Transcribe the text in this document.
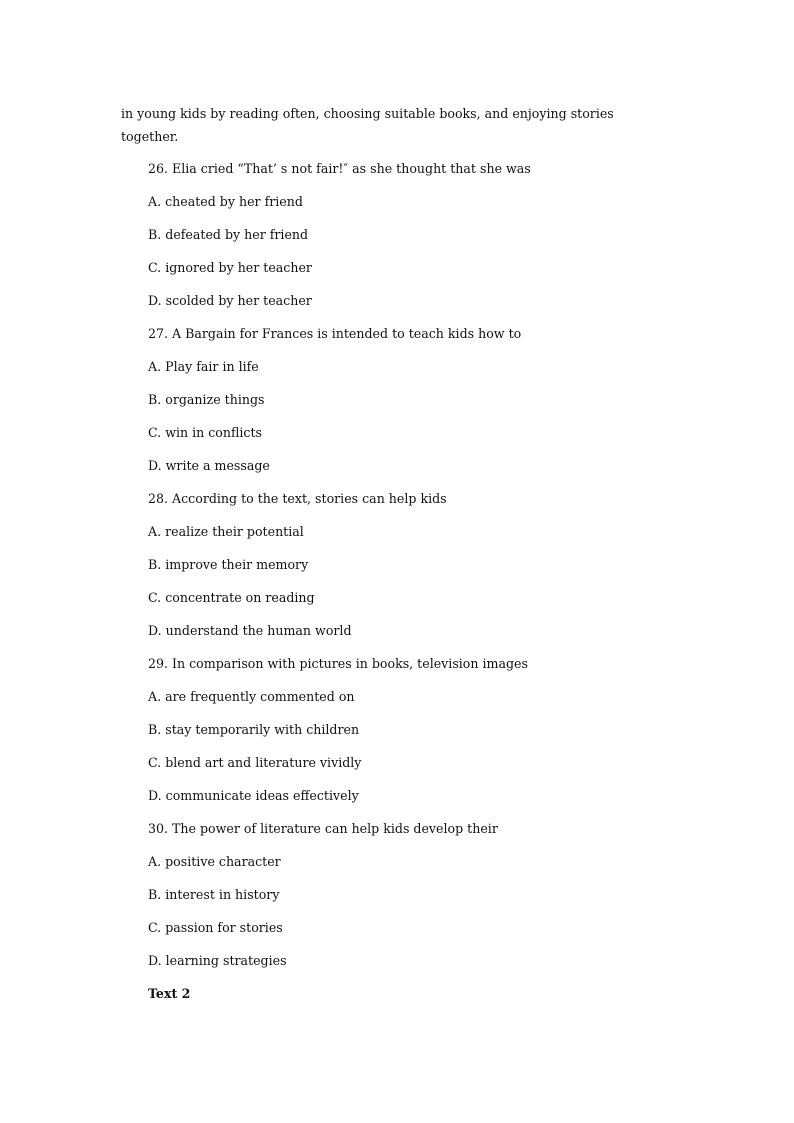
in young kids by reading often, choosing suitable books, and enjoying stories

together.

26. Elia cried “That’ s not fair!″ as she thought that she was
A. cheated by her friend
B. defeated by her friend
C. ignored by her teacher
D. scolded by her teacher
27. A Bargain for Frances is intended to teach kids how to
A. Play fair in life
B. organize things
C. win in conflicts
D. write a message
28. According to the text, stories can help kids
A. realize their potential
B. improve their memory
C. concentrate on reading
D. understand the human world
29. In comparison with pictures in books, television images
A. are frequently commented on
B. stay temporarily with children
C. blend art and literature vividly
D. communicate ideas effectively
30. The power of literature can help kids develop their
A. positive character
B. interest in history
C. passion for stories
D. learning strategies
Text 2
